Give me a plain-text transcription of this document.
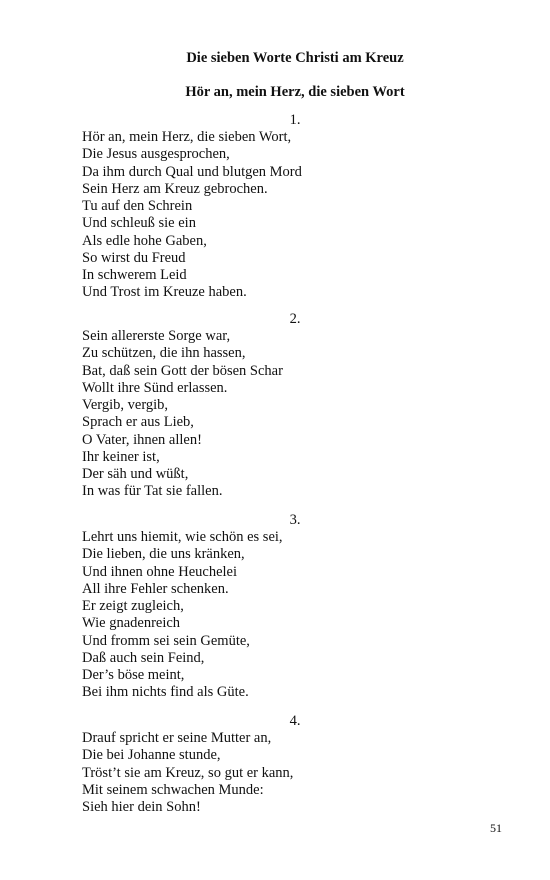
Die sieben Worte Christi am Kreuz
Hör an, mein Herz, die sieben Wort
1.
Hör an, mein Herz, die sieben Wort,
Die Jesus ausgesprochen,
Da ihm durch Qual und blutgen Mord
Sein Herz am Kreuz gebrochen.
Tu auf den Schrein
Und schleuß sie ein
Als edle hohe Gaben,
So wirst du Freud
In schwerem Leid
Und Trost im Kreuze haben.
2.
Sein allererste Sorge war,
Zu schützen, die ihn hassen,
Bat, daß sein Gott der bösen Schar
Wollt ihre Sünd erlassen.
Vergib, vergib,
Sprach er aus Lieb,
O Vater, ihnen allen!
Ihr keiner ist,
Der säh und wüßt,
In was für Tat sie fallen.
3.
Lehrt uns hiemit, wie schön es sei,
Die lieben, die uns kränken,
Und ihnen ohne Heuchelei
All ihre Fehler schenken.
Er zeigt zugleich,
Wie gnadenreich
Und fromm sei sein Gemüte,
Daß auch sein Feind,
Der’s böse meint,
Bei ihm nichts find als Güte.
4.
Drauf spricht er seine Mutter an,
Die bei Johanne stunde,
Tröst’t sie am Kreuz, so gut er kann,
Mit seinem schwachen Munde:
Sieh hier dein Sohn!
51
